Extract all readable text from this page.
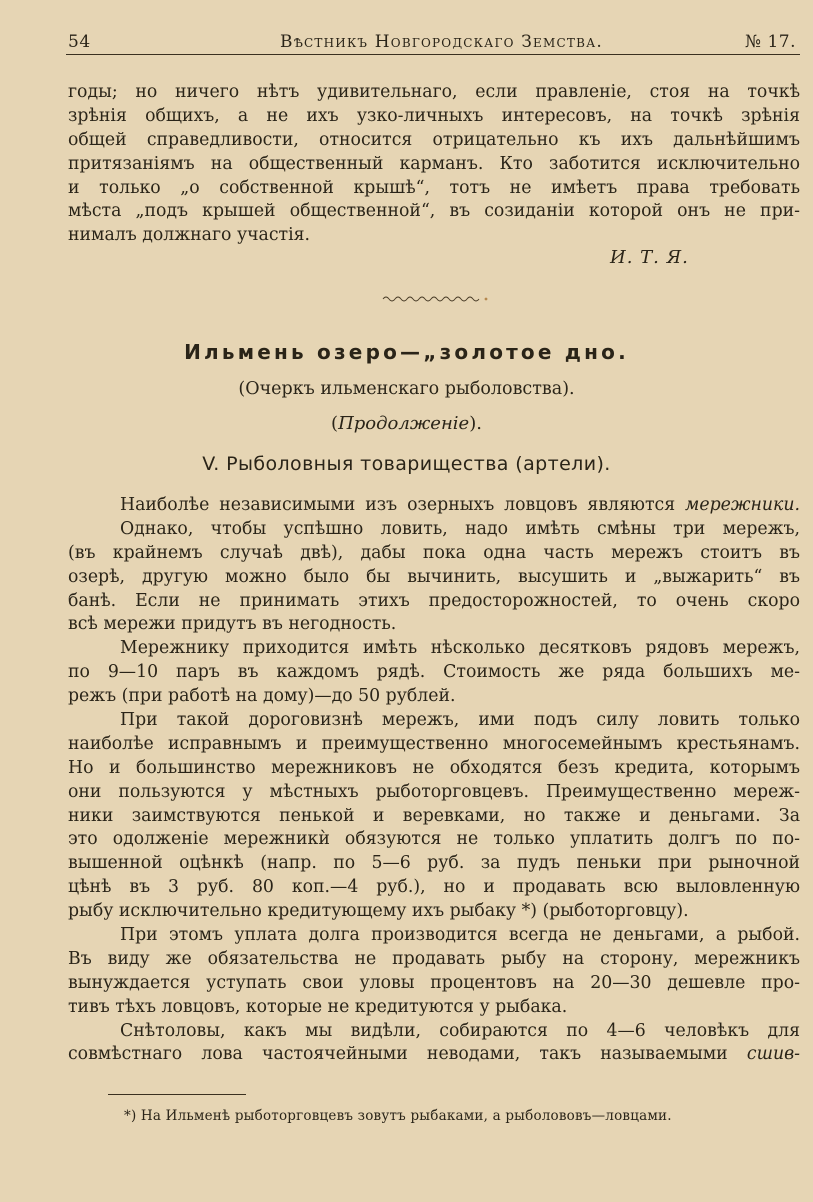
54	Вѣстникъ Новгородскаго Земства.	№ 17.
годы; но ничего нѣтъ удивительнаго, если правленіе, стоя на точкѣ
зрѣнія общихъ, а не ихъ узко-личныхъ интересовъ, на точкѣ зрѣнія
общей справедливости, относится отрицательно къ ихъ дальнѣйшимъ
притязаніямъ на общественный карманъ. Кто заботится исключительно
и только „о собственной крышѣ“, тотъ не имѣетъ права требовать
мѣста „подъ крышей общественной“, въ созиданіи которой онъ не при-
нималъ должнаго участія.
И. Т. Я.
Ильмень озеро—„золотое дно.
(Очеркъ ильменскаго рыболовства).
(Продолженіе).
V. Рыболовныя товарищества (артели).
Наиболѣе независимыми изъ озерныхъ ловцовъ являются мережники.
Однако, чтобы успѣшно ловить, надо имѣть смѣны три мережъ,
(въ крайнемъ случаѣ двѣ), дабы пока одна часть мережъ стоитъ въ
озерѣ, другую можно было бы вычинить, высушить и „выжарить“ въ
банѣ. Если не принимать этихъ предосторожностей, то очень скоро
всѣ мережи придутъ въ негодность.
Мережнику приходится имѣть нѣсколько десятковъ рядовъ мережъ,
по 9—10 паръ въ каждомъ рядѣ. Стоимость же ряда большихъ ме-
режъ (при работѣ на дому)—до 50 рублей.
При такой дороговизнѣ мережъ, ими подъ силу ловить только
наиболѣе исправнымъ и преимущественно многосемейнымъ крестьянамъ.
Но и большинство мережниковъ не обходятся безъ кредита, которымъ
они пользуются у мѣстныхъ рыботорговцевъ. Преимущественно мереж-
ники заимствуются пенькой и веревками, но также и деньгами. За
это одолженіе мережникѝ обязуются не только уплатить долгъ по по-
вышенной оцѣнкѣ (напр. по 5—6 руб. за пудъ пеньки при рыночной
цѣнѣ въ 3 руб. 80 коп.—4 руб.), но и продавать всю выловленную
рыбу исключительно кредитующему ихъ рыбаку *) (рыботорговцу).
При этомъ уплата долга производится всегда не деньгами, а рыбой.
Въ виду же обязательства не продавать рыбу на сторону, мережникъ
вынуждается уступать свои уловы процентовъ на 20—30 дешевле про-
тивъ тѣхъ ловцовъ, которые не кредитуются у рыбака.
Снѣтоловы, какъ мы видѣли, собираются по 4—6 человѣкъ для
совмѣстнаго лова частоячейными неводами, такъ называемыми сшив-
*) На Ильменѣ рыботорговцевъ зовутъ рыбаками, а рыболововъ—ловцами.
